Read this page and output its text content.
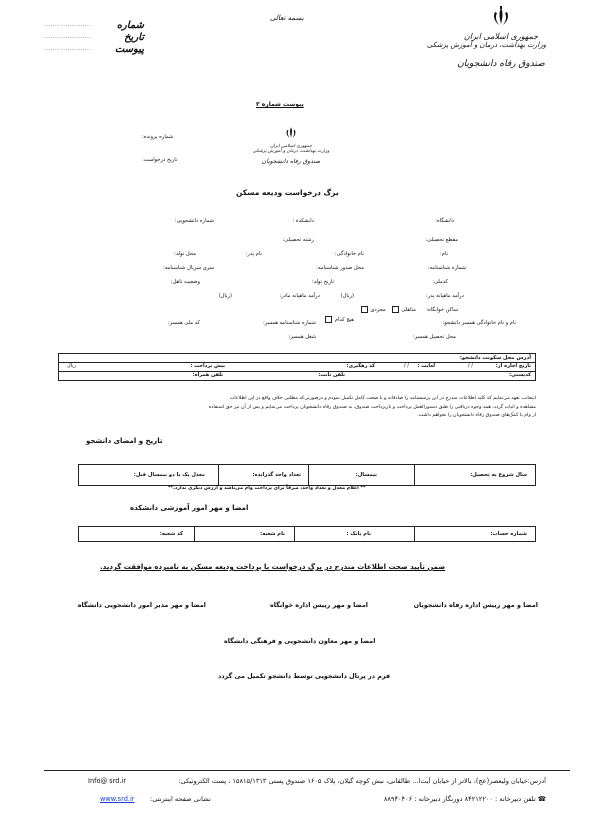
بسمه تعالی
......................	شماره
......................	تاریخ
...................... پیوست
جمهوری اسلامی ایران
وزارت بهداشت، درمان و آموزش پزشکی
صندوق رفاه دانشجویان
پیوست شماره ۳
شماره پرونده:
تاریخ درخواست:
جمهوری اسلامی ایران
وزارت بهداشت، درمان و آموزش پزشکی
صندوق رفاه دانشجویان
برگ درخواست ودیعه مسکن
دانشگاه:
دانشکده :
شماره دانشجویی:
مقطع تحصیلی:
رشته تحصیلی:
نام:
نام خانوادگی:
نام پدر:
محل تولد:
شماره شناسنامه:
محل صدور شناسنامه:
سری سریال شناسنامه:
کدملی:
تاریخ تولد:
وضعیت تاهل:
درآمد ماهیانه پدر:
(ریال)
درآمد ماهیانه مادر:
(ریال)
ساکن خوابگاه:
متاهلی    مجردی
هیچ کدام	نام و نام خانوادگی همسر دانشجو:
شماره شناسنامه همسر:
کد ملی همسر:
محل تحصیل همسر:
شغل همسر:
آدرس محل سکونت دانشجو:
تاریخ اجاره از:
/ /
لغایت :
/ /
کد رهگیری:
پیش پرداخت :
ریال
کدپستی:
تلفن ثابت:
تلفن همراه:
اینجانب تعهد می‌نمایم که کلیه اطلاعات مندرج در این پرسشنامه را صادقانه و با صحت کامل تکمیل نمودم و درصورتی‌که مطلبی خلاف واقع در این اطلاعات
مشاهده و اثبات گردد، همه وجوه دریافتی را طبق دستورالعمل پرداخت و بازپرداخت صندوق، به صندوق رفاه دانشجویان پرداخت می‌نمایم و پس از آن نیز حق استفاده
از وام یا کمک‌های صندوق رفاه دانشجویان را نخواهم داشت.
تاریخ و امضای دانشجو
سال شروع به تحصیل:
نیمسال:
تعداد واحد گذرانده:
معدل یک یا دو نیمسال قبل:
** اعلام معدل و تعداد واحد، صرفاً برای پرداخت وام می‌باشد و ارزش دیگری ندارد.**
امضا و مهر امور آموزشی دانشکده
شماره حساب:
نام بانک :
نام شعبه:
کد شعبه:
ضمن تأیید صحت اطلاعات مندرج در برگ درخواست با پرداخت ودیعه مسکن به نامبرده موافقت گردید.
امضا و مهر رییس اداره رفاه دانشجویان
امضا و مهر رییس اداره خوابگاه
امضا و مهر مدیر امور دانشجویی دانشگاه
امضا و مهر معاون دانشجویی و فرهنگی دانشگاه
فرم در پرتال دانشجویی توسط دانشجو تکمیل می گردد
آدرس:خیابان ولیعصر(عج)، بالاتر از خیابان آیت‌ا... طالقانی، نبش کوچه گیلان، پلاک ۱۶۰۵ صندوق پستی ۱۵۸۱۵/۱۳۱۳ ، پست الکترونیکی:
Info@ srd.ir
☎ تلفن دبیرخانه : ۸۴۲۱۲۲۰۰ دورنگار دبیرخانه : ۸۸۹۴۰۴۰۶
نشانی صفحه اینترنتی:
www.srd.ir
